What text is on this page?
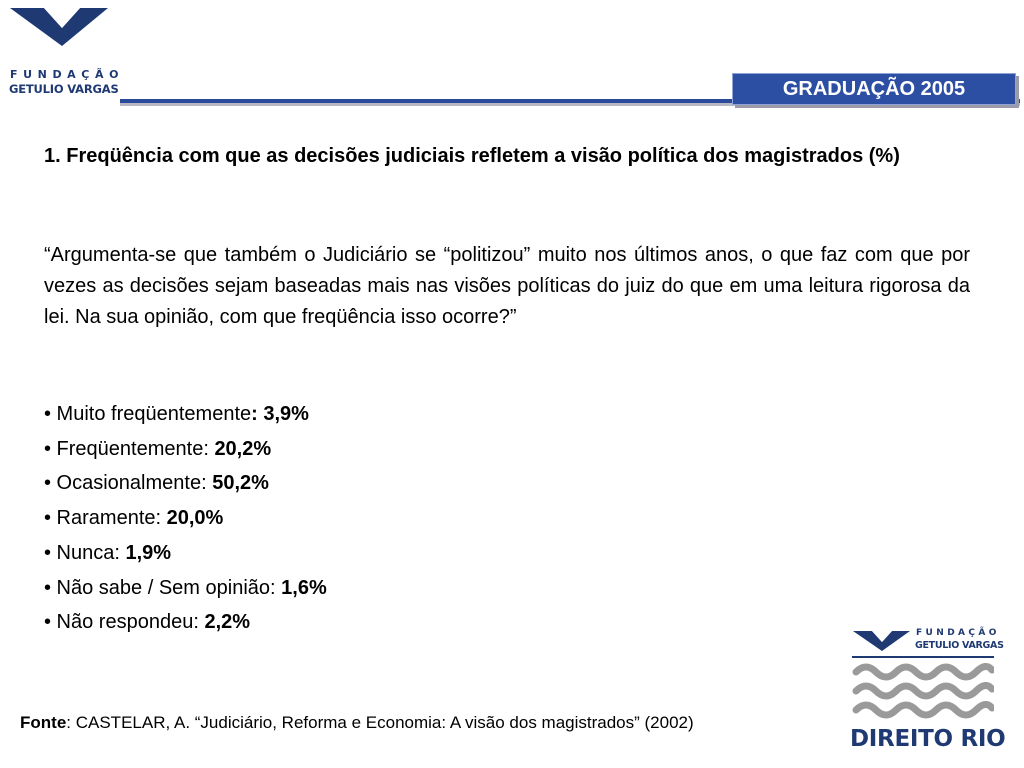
FUNDAÇÃO
GETULIO VARGAS	GRADUAÇÃO 2005
1. Freqüência com que as decisões judiciais refletem a visão política dos magistrados (%)
“Argumenta-se que também o Judiciário se “politizou” muito nos últimos anos, o que faz com que por vezes as decisões sejam baseadas mais nas visões políticas do juiz do que em uma leitura rigorosa da lei. Na sua opinião, com que freqüência isso ocorre?”
• Muito freqüentemente: 3,9%
• Freqüentemente: 20,2%
• Ocasionalmente: 50,2%
• Raramente: 20,0%
• Nunca: 1,9%
• Não sabe / Sem opinião: 1,6%
• Não respondeu: 2,2%
Fonte: CASTELAR, A. “Judiciário, Reforma e Economia: A visão dos magistrados” (2002)
FUNDAÇÃO
GETULIO VARGAS
DIREITO RIO
